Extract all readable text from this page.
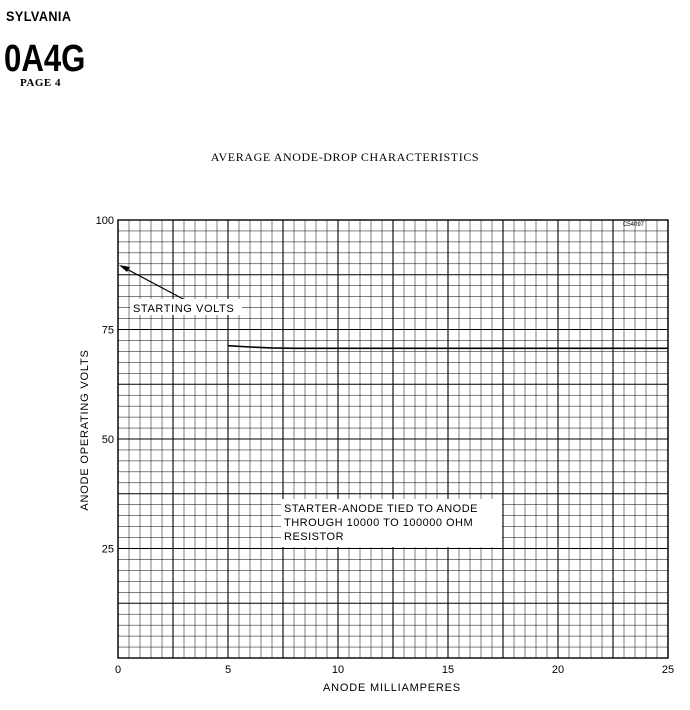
SYLVANIA
0A4G
PAGE 4
AVERAGE ANODE-DROP CHARACTERISTICS
0	5	10	15	20	25
25
50
75
100	C54097
STARTING VOLTS
STARTER-ANODE TIED TO ANODE
THROUGH 10000 TO 100000 OHM
RESISTOR
ANODE MILLIAMPERES
ANODE OPERATING VOLTS
